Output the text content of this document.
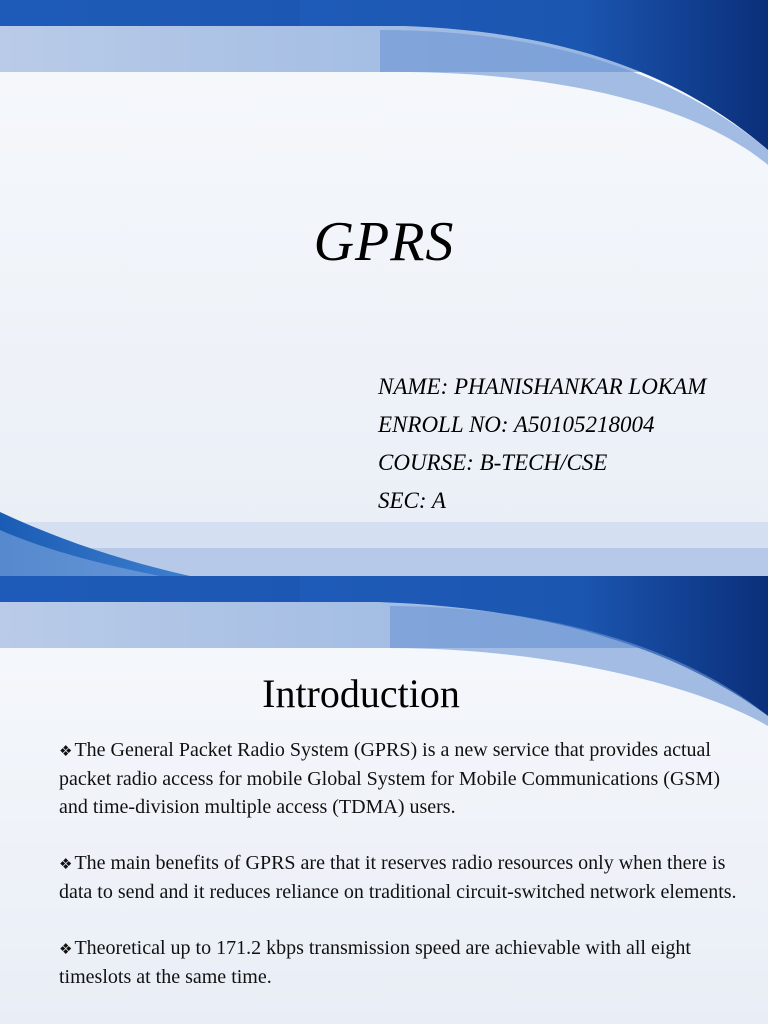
GPRS
NAME: PHANISHANKAR LOKAM
ENROLL NO: A50105218004
COURSE: B-TECH/CSE
SEC: A
Introduction
❖ The General Packet Radio System (GPRS) is a new service that provides actual packet radio access for mobile Global System for Mobile Communications (GSM) and time-division multiple access (TDMA) users.
❖ The main benefits of GPRS are that it reserves radio resources only when there is data to send and it reduces reliance on traditional circuit-switched network elements.
❖ Theoretical up to 171.2 kbps transmission speed are achievable with all eight timeslots at the same time.
